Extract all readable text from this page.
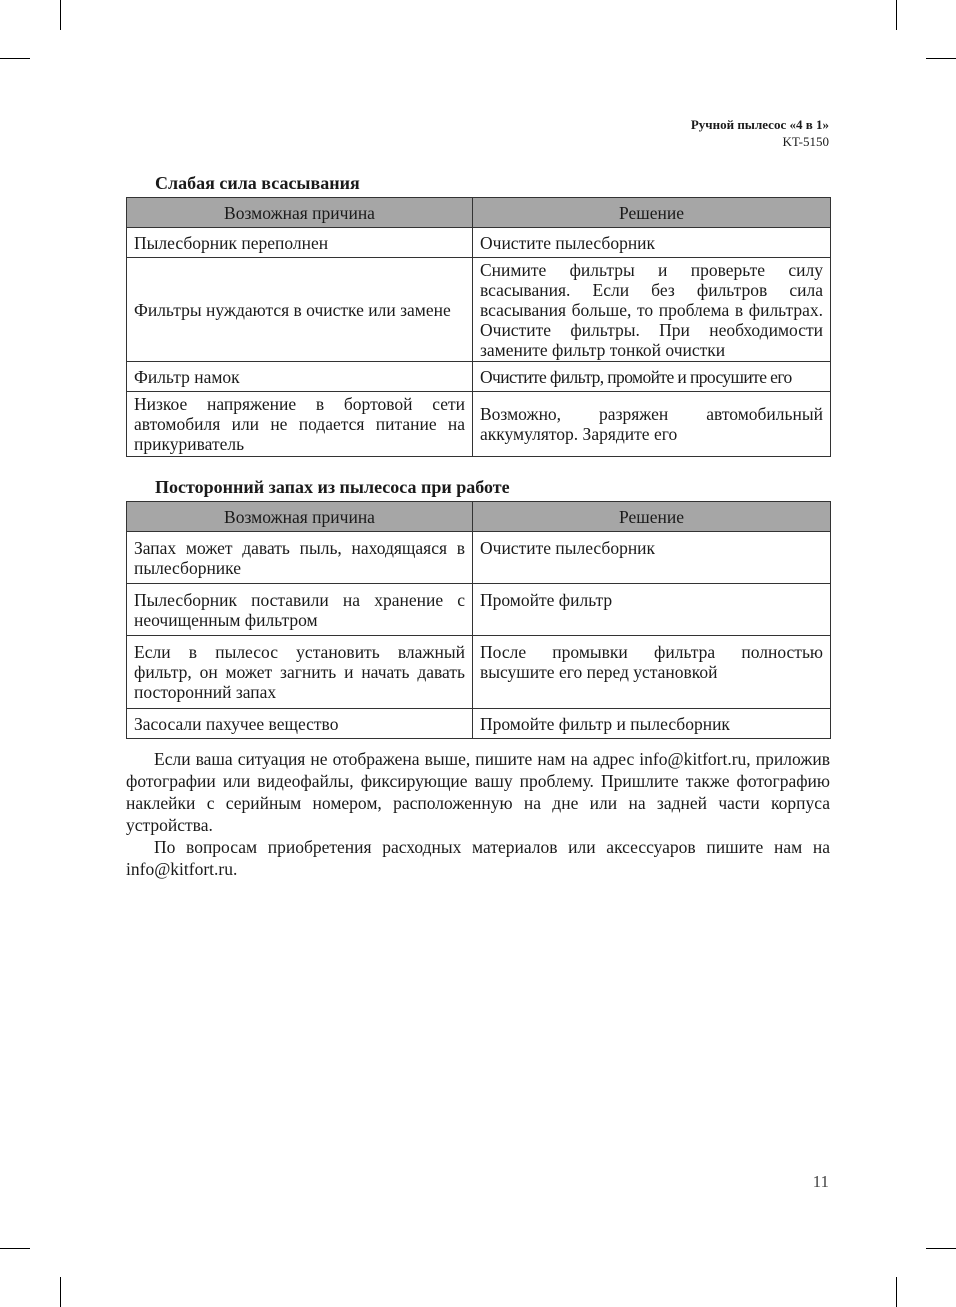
Ручной пылесос «4 в 1»
KT-5150
Слабая сила всасывания
Возможная причина	Решение
Пылесборник переполнен	Очистите пылесборник
Фильтры нуждаются в очистке или замене	Снимите фильтры и проверьте силу всасывания. Если без фильтров сила всасывания больше, то проблема в фильтрах. Очистите фильтры. При необходимости замените фильтр тонкой очистки
Фильтр намок	Очистите фильтр, промойте и просушите его
Низкое напряжение в бортовой сети автомобиля или не подается питание на прикуриватель	Возможно, разряжен автомобильный аккумулятор. Зарядите его
Посторонний запах из пылесоса при работе
Возможная причина	Решение
Запах может давать пыль, находящаяся в пылесборнике	Очистите пылесборник
Пылесборник поставили на хранение с неочищенным фильтром	Промойте фильтр
Если в пылесос установить влажный фильтр, он может загнить и начать давать посторонний запах	После промывки фильтра полностью высушите его перед установкой
Засосали пахучее вещество	Промойте фильтр и пылесборник

Если ваша ситуация не отображена выше, пишите нам на адрес info@kitfort.ru, приложив фотографии или видеофайлы, фиксирующие вашу проблему. Пришлите также фотографию наклейки с серийным номером, расположенную на дне или на задней части корпуса устройства.

По вопросам приобретения расходных материалов или аксессуаров пишите нам на info@kitfort.ru.

11
